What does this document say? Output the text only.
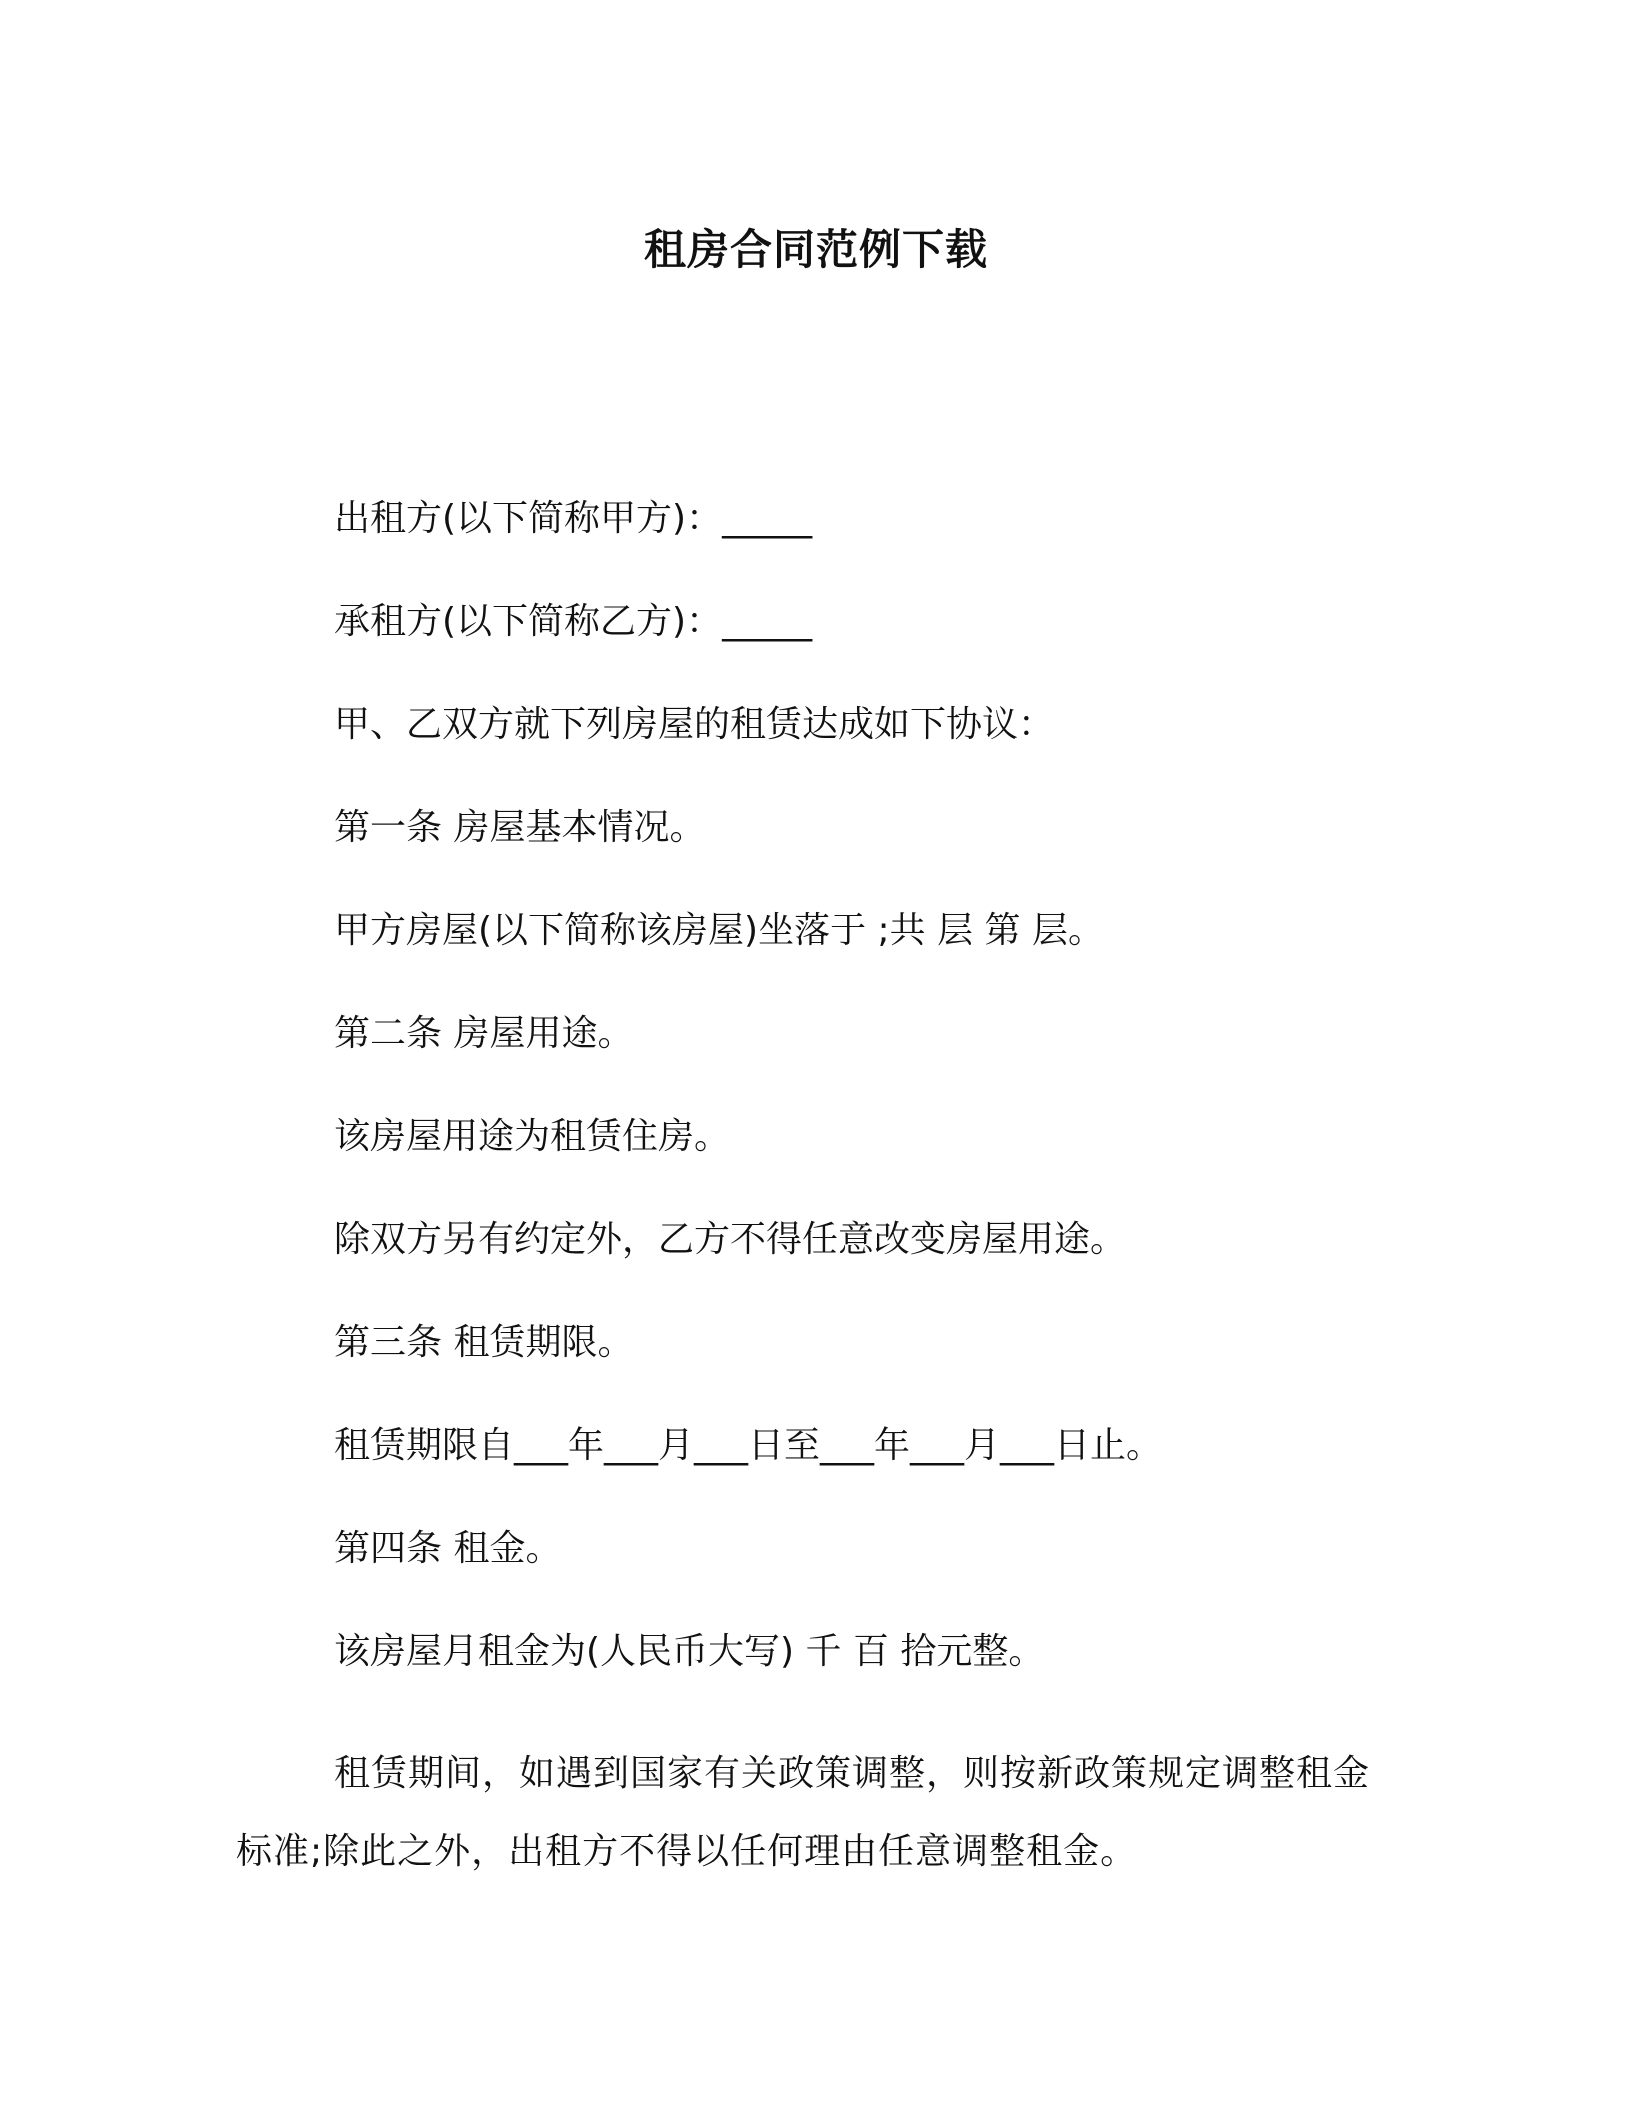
租房合同范例下载

出租方(以下简称甲方)：_____

承租方(以下简称乙方)：_____

甲、乙双方就下列房屋的租赁达成如下协议：

第一条 房屋基本情况。

甲方房屋(以下简称该房屋)坐落于 ;共 层 第 层。

第二条 房屋用途。

该房屋用途为租赁住房。

除双方另有约定外，乙方不得任意改变房屋用途。

第三条 租赁期限。

租赁期限自___年___月___日至___年___月___日止。

第四条 租金。

该房屋月租金为(人民币大写) 千 百 拾元整。

租赁期间，如遇到国家有关政策调整，则按新政策规定调整租金标准;除此之外，出租方不得以任何理由任意调整租金。
